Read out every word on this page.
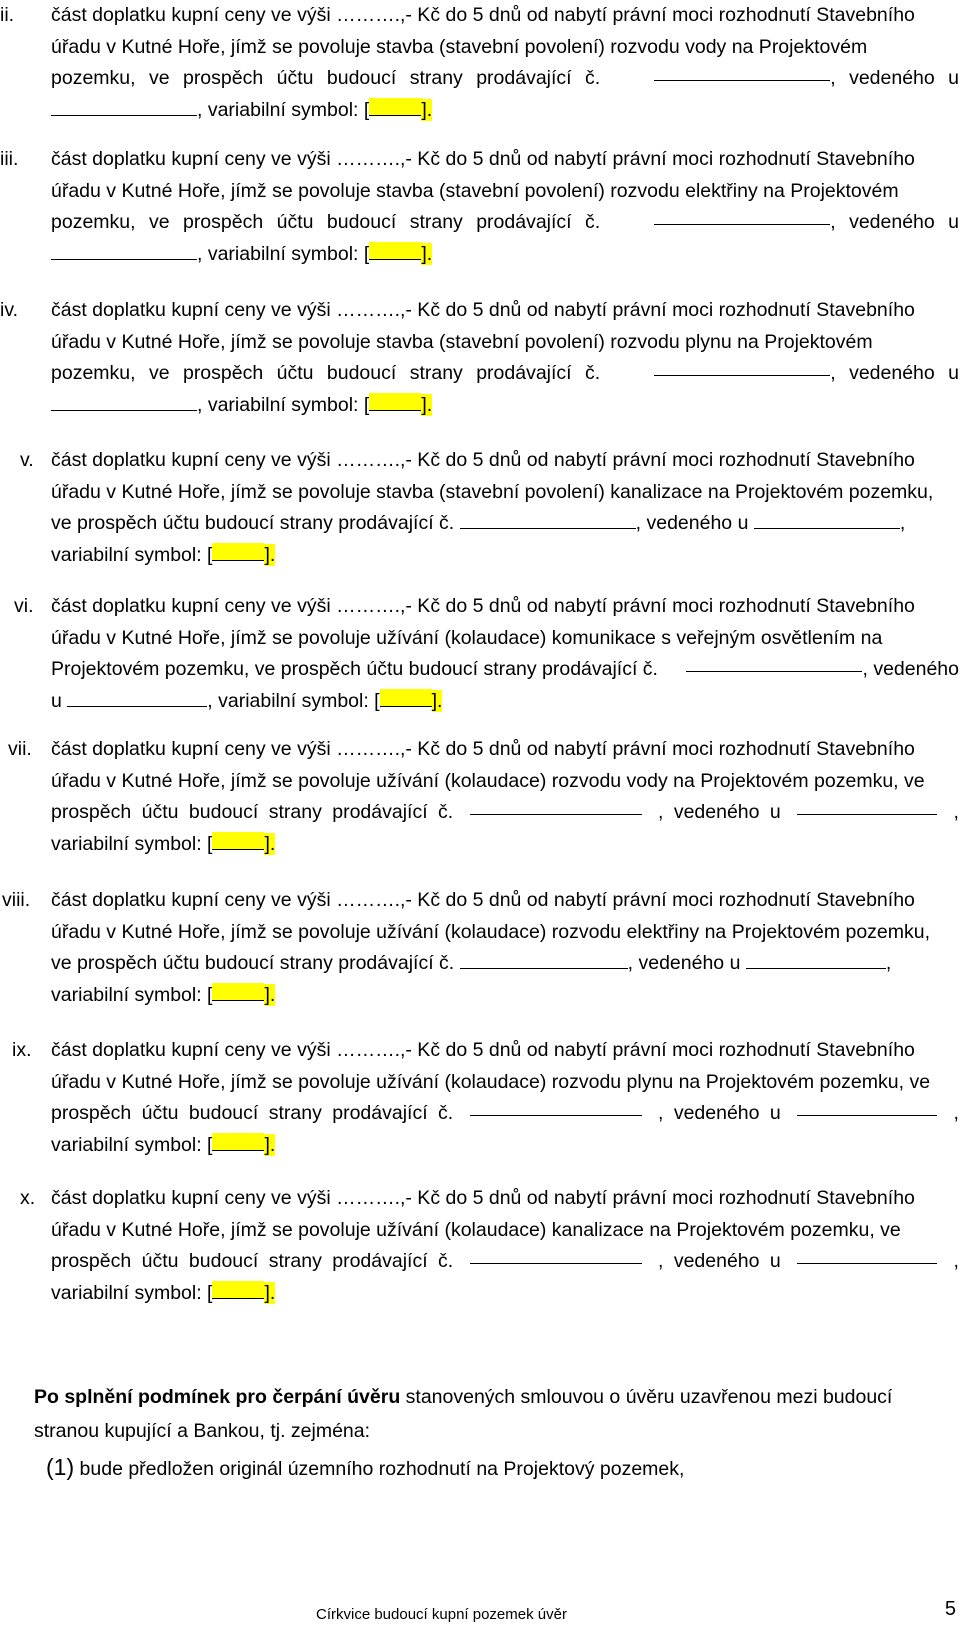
ii.	část doplatku kupní ceny ve výši ……….,- Kč do 5 dnů od nabytí právní moci rozhodnutí Stavebního
úřadu v Kutné Hoře, jímž se povoluje stavba (stavební povolení) rozvodu vody na Projektovém
pozemku, ve prospěch účtu budoucí strany prodávající č.	, vedeného u
, variabilní symbol: [	].
iii. část doplatku kupní ceny ve výši ……….,- Kč do 5 dnů od nabytí právní moci rozhodnutí Stavebního
úřadu v Kutné Hoře, jímž se povoluje stavba (stavební povolení) rozvodu elektřiny na Projektovém
pozemku, ve prospěch účtu budoucí strany prodávající č.	, vedeného u
, variabilní symbol: [	].
iv.	část doplatku kupní ceny ve výši ……….,- Kč do 5 dnů od nabytí právní moci rozhodnutí Stavebního
úřadu v Kutné Hoře, jímž se povoluje stavba (stavební povolení) rozvodu plynu na Projektovém
pozemku, ve prospěch účtu budoucí strany prodávající č.	, vedeného u
, variabilní symbol: [	].
v. část doplatku kupní ceny ve výši ……….,- Kč do 5 dnů od nabytí právní moci rozhodnutí Stavebního
úřadu v Kutné Hoře, jímž se povoluje stavba (stavební povolení) kanalizace na Projektovém pozemku,
ve prospěch účtu budoucí strany prodávající č.	, vedeného u	,
variabilní symbol: [	].
vi. část doplatku kupní ceny ve výši ……….,- Kč do 5 dnů od nabytí právní moci rozhodnutí Stavebního
úřadu v Kutné Hoře, jímž se povoluje užívání (kolaudace) komunikace s veřejným osvětlením na
Projektovém pozemku, ve prospěch účtu budoucí strany prodávající č.	, vedeného
u	, variabilní symbol: [	].
vii. část doplatku kupní ceny ve výši ……….,- Kč do 5 dnů od nabytí právní moci rozhodnutí Stavebního
úřadu v Kutné Hoře, jímž se povoluje užívání (kolaudace) rozvodu vody na Projektovém pozemku, ve
prospěch účtu budoucí strany prodávající č.	, vedeného u	,
variabilní symbol: [	].
viii.	část doplatku kupní ceny ve výši ……….,- Kč do 5 dnů od nabytí právní moci rozhodnutí Stavebního
úřadu v Kutné Hoře, jímž se povoluje užívání (kolaudace) rozvodu elektřiny na Projektovém pozemku,
ve prospěch účtu budoucí strany prodávající č.	, vedeného u	,
variabilní symbol: [	].
ix.	část doplatku kupní ceny ve výši ……….,- Kč do 5 dnů od nabytí právní moci rozhodnutí Stavebního
úřadu v Kutné Hoře, jímž se povoluje užívání (kolaudace) rozvodu plynu na Projektovém pozemku, ve
prospěch účtu budoucí strany prodávající č.	, vedeného u	,
variabilní symbol: [	].
x. část doplatku kupní ceny ve výši ……….,- Kč do 5 dnů od nabytí právní moci rozhodnutí Stavebního
úřadu v Kutné Hoře, jímž se povoluje užívání (kolaudace) kanalizace na Projektovém pozemku, ve
prospěch účtu budoucí strany prodávající č.	, vedeného u	,
variabilní symbol: [	].
Po splnění podmínek pro čerpání úvěru stanovených smlouvou o úvěru uzavřenou mezi budoucí
stranou kupující a Bankou, tj. zejména:
(1) bude předložen originál územního rozhodnutí na Projektový pozemek,
Církvice budoucí kupní pozemek úvěr	5
